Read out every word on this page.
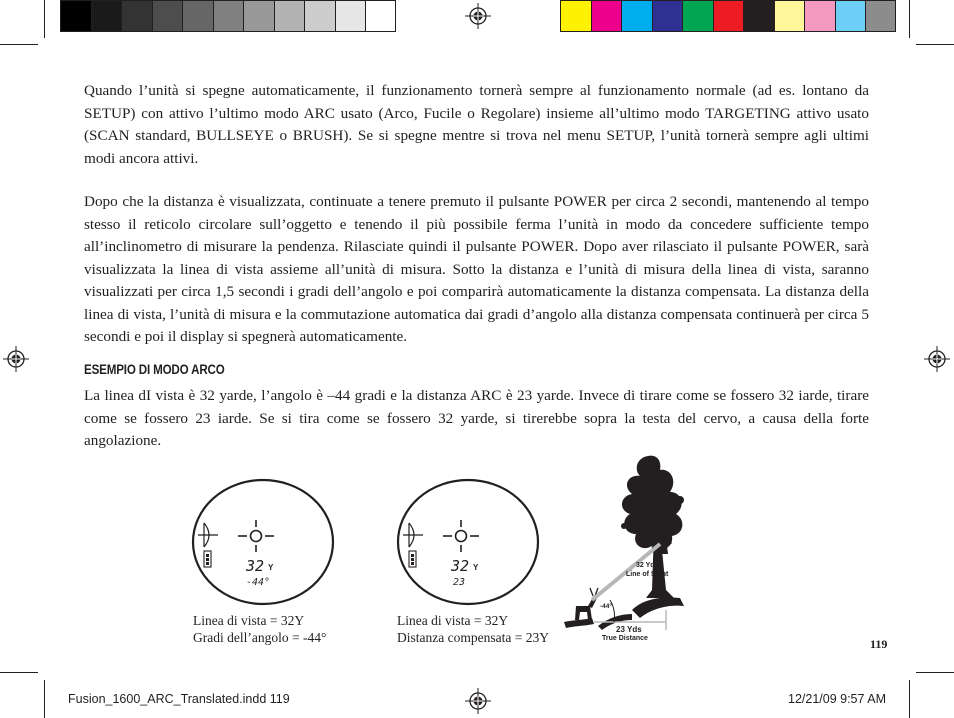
Quando l’unità si spegne automaticamente, il funzionamento tornerà sempre al funzionamento normale (ad es. lontano da SETUP) con attivo l’ultimo modo ARC usato (Arco, Fucile o Regolare) insieme all’ultimo modo TARGETING attivo usato (SCAN standard, BULLSEYE o BRUSH). Se si spegne mentre si trova nel menu SETUP, l’unità tornerà sempre agli ultimi modi ancora attivi.

Dopo che la distanza è visualizzata, continuate a tenere premuto il pulsante POWER per circa 2 secondi, mantenendo al tempo stesso il reticolo circolare sull’oggetto e tenendo il più possibile ferma l’unità in modo da concedere sufficiente tempo all’inclinometro di misurare la pendenza. Rilasciate quindi il pulsante POWER. Dopo aver rilasciato il pulsante POWER, sarà visualizzata la linea di vista assieme all’unità di misura. Sotto la distanza e l’unità di misura della linea di vista, saranno visualizzati per circa 1,5 secondi i gradi dell’angolo e poi comparirà automaticamente la distanza compensata. La distanza della linea di vista, l’unità di misura e la commutazione automatica dai gradi d’angolo alla distanza compensata continuerà per circa 5 secondi e poi il display si spegnerà automaticamente.

ESEMPIO DI MODO ARCO

La linea dI vista è 32 yarde, l’angolo è –44 gradi e la distanza ARC è 23 yarde. Invece di tirare come se fossero 32 iarde, tirare come se fossero 23 iarde. Se si tira come se fossero 32 yarde, si tirerebbe sopra la testa del cervo, a causa della forte angolazione.

32 Y
-44°
Linea di vista = 32Y
Gradi dell’angolo = -44°
32 Y
23
Linea di vista = 32Y
Distanza compensata = 23Y
32 Yds
Line of Sight
-44°
23 Yds
True Distance	119
Fusion_1600_ARC_Translated.indd 119	12/21/09 9:57 AM
